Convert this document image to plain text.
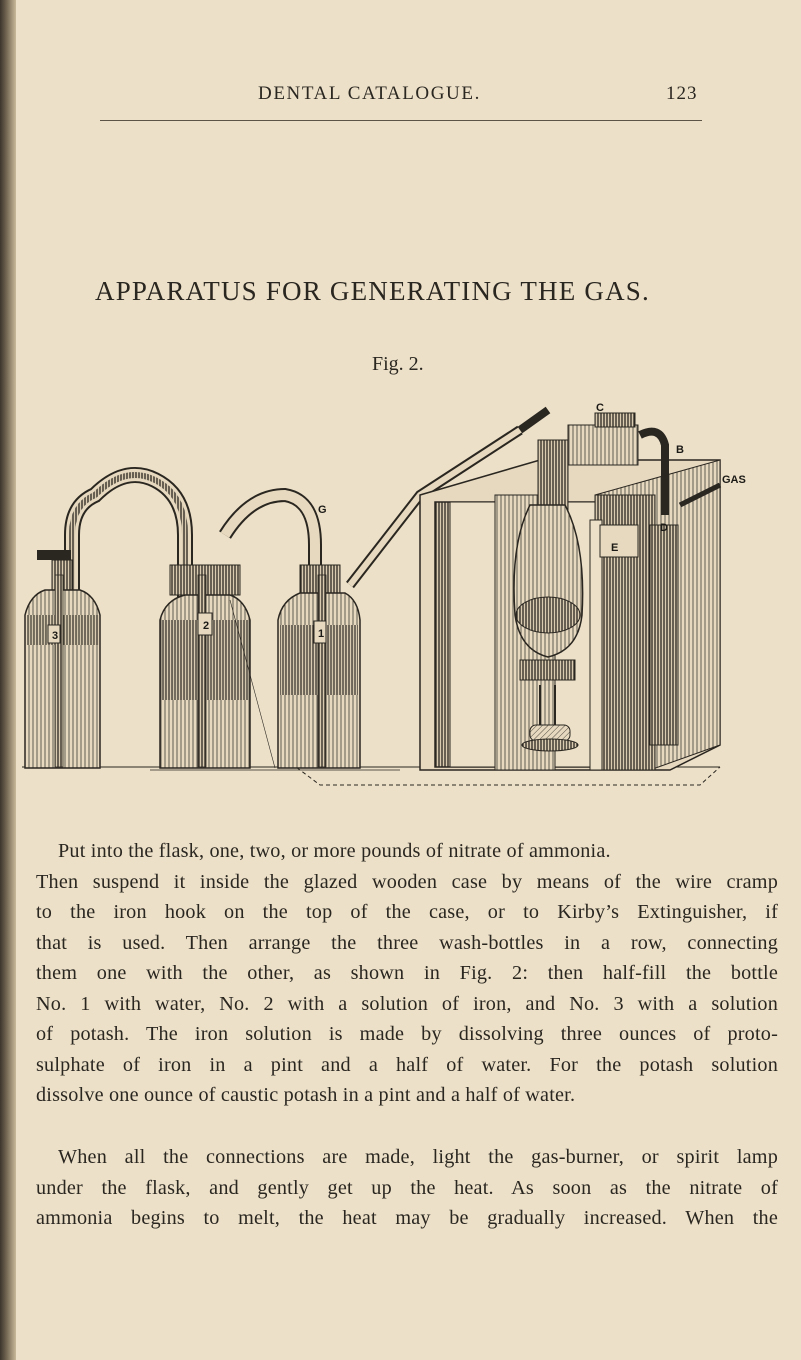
DENTAL CATALOGUE.	123
APPARATUS FOR GENERATING THE GAS.
Fig. 2.
C
B
GAS
G
E
D
3
2
1
Put into the flask, one, two, or more pounds of nitrate of ammonia.
Then suspend it inside the glazed wooden case by means of the wire cramp
to the iron hook on the top of the case, or to Kirby’s Extinguisher, if
that is used. Then arrange the three wash-bottles in a row, connecting
them one with the other, as shown in Fig. 2: then half-fill the bottle
No. 1 with water, No. 2 with a solution of iron, and No. 3 with a solution
of potash. The iron solution is made by dissolving three ounces of proto-
sulphate of iron in a pint and a half of water. For the potash solution
dissolve one ounce of caustic potash in a pint and a half of water.
When all the connections are made, light the gas-burner, or spirit lamp
under the flask, and gently get up the heat. As soon as the nitrate of
ammonia begins to melt, the heat may be gradually increased. When the
